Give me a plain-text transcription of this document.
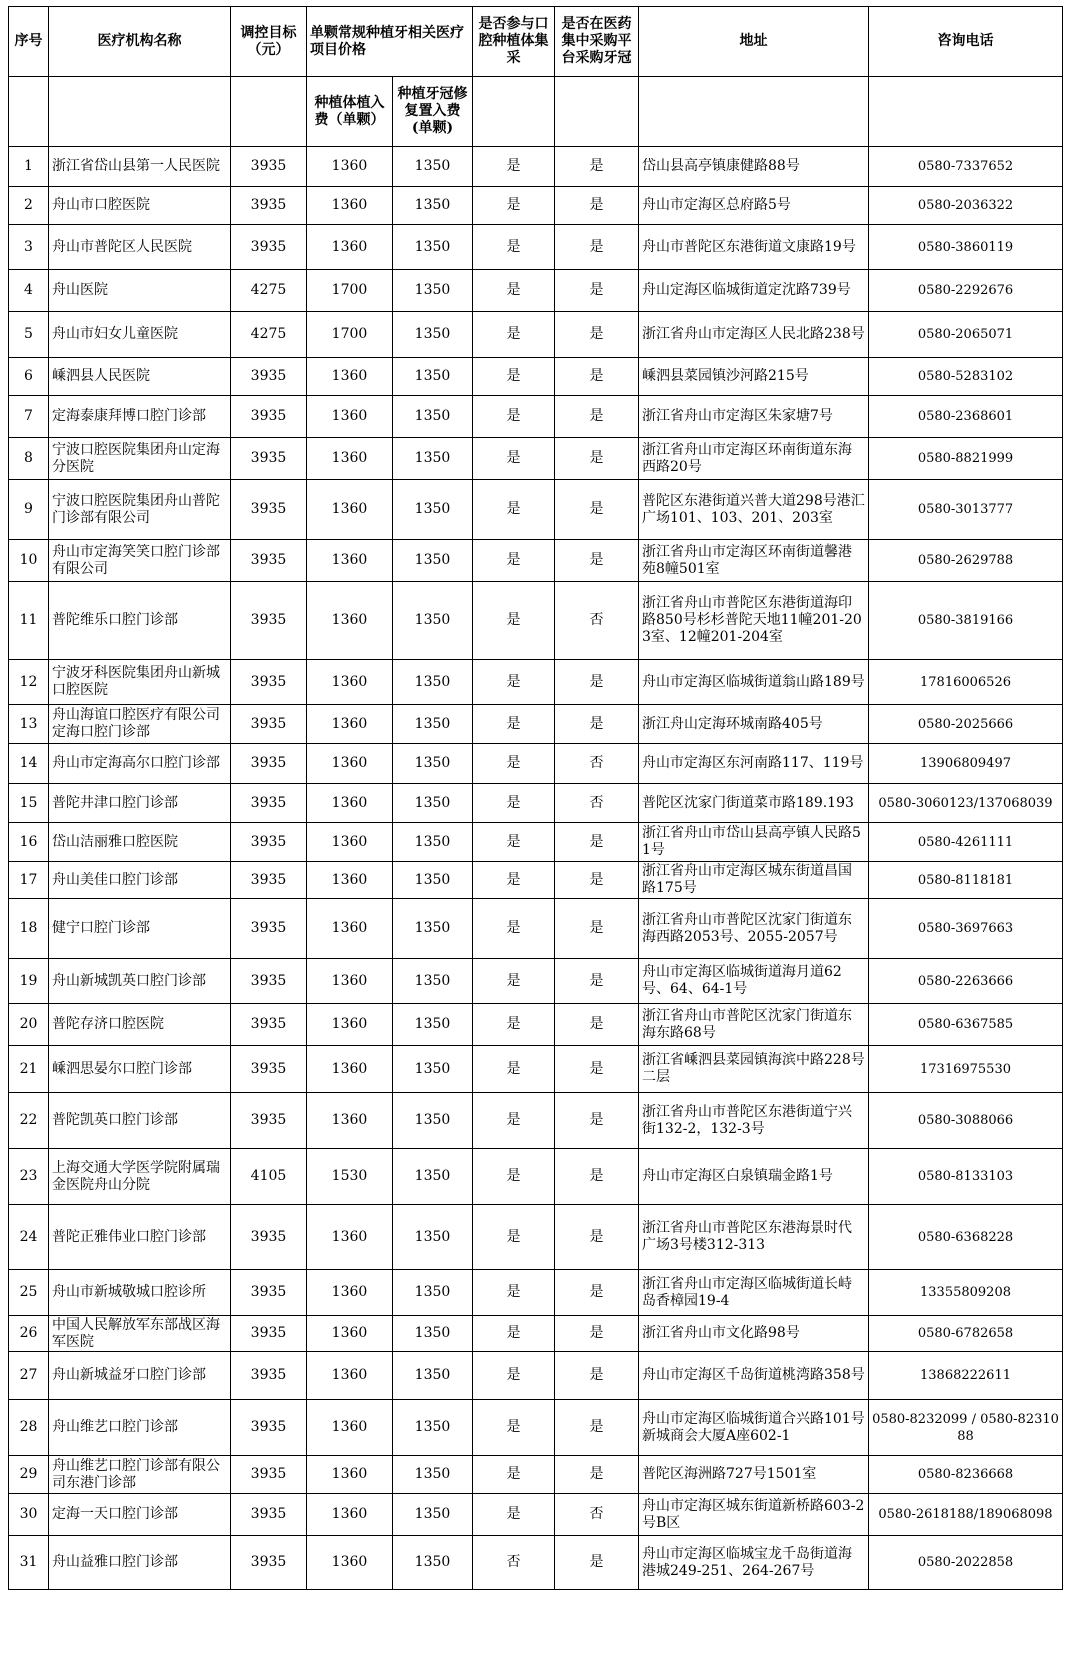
序号	医疗机构名称	调控目标（元）	单颗常规种植牙相关医疗项目价格		是否参与口腔种植体集采	是否在医药集中采购平台采购牙冠	地址	咨询电话
			种植体植入费（单颗）	种植牙冠修复置入费(单颗)				
1	浙江省岱山县第一人民医院	3935	1360	1350	是	是	岱山县高亭镇康健路88号	0580-7337652
2	舟山市口腔医院	3935	1360	1350	是	是	舟山市定海区总府路5号	0580-2036322
3	舟山市普陀区人民医院	3935	1360	1350	是	是	舟山市普陀区东港街道文康路19号	0580-3860119
4	舟山医院	4275	1700	1350	是	是	舟山定海区临城街道定沈路739号	0580-2292676
5	舟山市妇女儿童医院	4275	1700	1350	是	是	浙江省舟山市定海区人民北路238号	0580-2065071
6	嵊泗县人民医院	3935	1360	1350	是	是	嵊泗县菜园镇沙河路215号	0580-5283102
7	定海泰康拜博口腔门诊部	3935	1360	1350	是	是	浙江省舟山市定海区朱家塘7号	0580-2368601
8	宁波口腔医院集团舟山定海分医院	3935	1360	1350	是	是	浙江省舟山市定海区环南街道东海西路20号	0580-8821999
9	宁波口腔医院集团舟山普陀门诊部有限公司	3935	1360	1350	是	是	普陀区东港街道兴普大道298号港汇广场101、103、201、203室	0580-3013777
10	舟山市定海笑笑口腔门诊部有限公司	3935	1360	1350	是	是	浙江省舟山市定海区环南街道馨港苑8幢501室	0580-2629788
11	普陀维乐口腔门诊部	3935	1360	1350	是	否	浙江省舟山市普陀区东港街道海印路850号杉杉普陀天地11幢201-203室、12幢201-204室	0580-3819166
12	宁波牙科医院集团舟山新城口腔医院	3935	1360	1350	是	是	舟山市定海区临城街道翁山路189号	17816006526
13	舟山海谊口腔医疗有限公司定海口腔门诊部	3935	1360	1350	是	是	浙江舟山定海环城南路405号	0580-2025666
14	舟山市定海高尔口腔门诊部	3935	1360	1350	是	否	舟山市定海区东河南路117、119号	13906809497
15	普陀井津口腔门诊部	3935	1360	1350	是	否	普陀区沈家门街道菜市路189.193	0580-3060123/137068039
16	岱山洁丽雅口腔医院	3935	1360	1350	是	是	浙江省舟山市岱山县高亭镇人民路51号	0580-4261111
17	舟山美佳口腔门诊部	3935	1360	1350	是	是	浙江省舟山市定海区城东街道昌国路175号	0580-8118181
18	健宁口腔门诊部	3935	1360	1350	是	是	浙江省舟山市普陀区沈家门街道东海西路2053号、2055-2057号	0580-3697663
19	舟山新城凯英口腔门诊部	3935	1360	1350	是	是	舟山市定海区临城街道海月道62号、64、64-1号	0580-2263666
20	普陀存济口腔医院	3935	1360	1350	是	是	浙江省舟山市普陀区沈家门街道东海东路68号	0580-6367585
21	嵊泗思晏尔口腔门诊部	3935	1360	1350	是	是	浙江省嵊泗县菜园镇海滨中路228号二层	17316975530
22	普陀凯英口腔门诊部	3935	1360	1350	是	是	浙江省舟山市普陀区东港街道宁兴街132-2，132-3号	0580-3088066
23	上海交通大学医学院附属瑞金医院舟山分院	4105	1530	1350	是	是	舟山市定海区白泉镇瑞金路1号	0580-8133103
24	普陀正雅伟业口腔门诊部	3935	1360	1350	是	是	浙江省舟山市普陀区东港海景时代广场3号楼312-313	0580-6368228
25	舟山市新城敬城口腔诊所	3935	1360	1350	是	是	浙江省舟山市定海区临城街道长峙岛香樟园19-4	13355809208
26	中国人民解放军东部战区海军医院	3935	1360	1350	是	是	浙江省舟山市文化路98号	0580-6782658
27	舟山新城益牙口腔门诊部	3935	1360	1350	是	是	舟山市定海区千岛街道桃湾路358号	13868222611
28	舟山维艺口腔门诊部	3935	1360	1350	是	是	舟山市定海区临城街道合兴路101号新城商会大厦A座602-1	0580-8232099 / 0580-8231088
29	舟山维艺口腔门诊部有限公司东港门诊部	3935	1360	1350	是	是	普陀区海洲路727号1501室	0580-8236668
30	定海一天口腔门诊部	3935	1360	1350	是	否	舟山市定海区城东街道新桥路603-2号B区	0580-2618188/189068098
31	舟山益雅口腔门诊部	3935	1360	1350	否	是	舟山市定海区临城宝龙千岛街道海港城249-251、264-267号	0580-2022858
